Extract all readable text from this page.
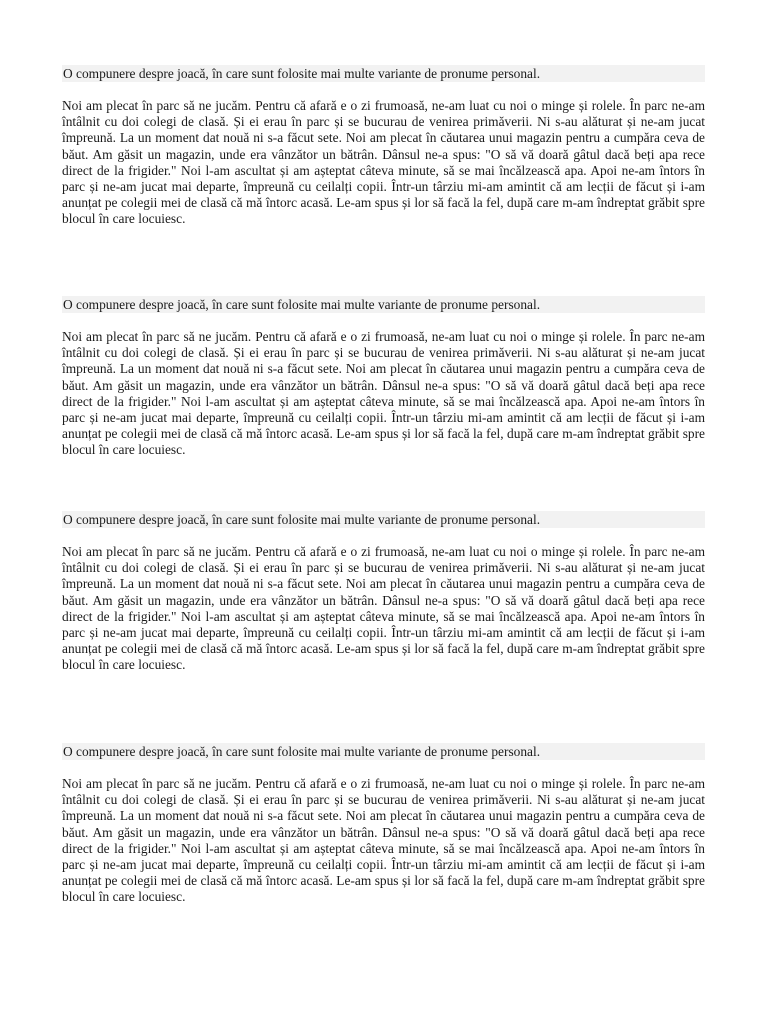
O compunere despre joacă, în care sunt folosite mai multe variante de pronume personal.

Noi am plecat în parc să ne jucăm. Pentru că afară e o zi frumoasă, ne-am luat cu noi o minge și rolele. În parc ne-am întâlnit cu doi colegi de clasă. Și ei erau în parc și se bucurau de venirea primăverii. Ni s-au alăturat și ne-am jucat împreună. La un moment dat nouă ni s-a făcut sete. Noi am plecat în căutarea unui magazin pentru a cumpăra ceva de băut. Am găsit un magazin, unde era vânzător un bătrân. Dânsul ne-a spus: "O să vă doară gâtul dacă beți apa rece direct de la frigider." Noi l-am ascultat și am așteptat câteva minute, să se mai încălzească apa. Apoi ne-am întors în parc și ne-am jucat mai departe, împreună cu ceilalți copii. Într-un târziu mi-am amintit că am lecții de făcut și i-am anunțat pe colegii mei de clasă că mă întorc acasă. Le-am spus și lor să facă la fel, după care m-am îndreptat grăbit spre blocul în care locuiesc.

O compunere despre joacă, în care sunt folosite mai multe variante de pronume personal.

Noi am plecat în parc să ne jucăm. Pentru că afară e o zi frumoasă, ne-am luat cu noi o minge și rolele. În parc ne-am întâlnit cu doi colegi de clasă. Și ei erau în parc și se bucurau de venirea primăverii. Ni s-au alăturat și ne-am jucat împreună. La un moment dat nouă ni s-a făcut sete. Noi am plecat în căutarea unui magazin pentru a cumpăra ceva de băut. Am găsit un magazin, unde era vânzător un bătrân. Dânsul ne-a spus: "O să vă doară gâtul dacă beți apa rece direct de la frigider." Noi l-am ascultat și am așteptat câteva minute, să se mai încălzească apa. Apoi ne-am întors în parc și ne-am jucat mai departe, împreună cu ceilalți copii. Într-un târziu mi-am amintit că am lecții de făcut și i-am anunțat pe colegii mei de clasă că mă întorc acasă. Le-am spus și lor să facă la fel, după care m-am îndreptat grăbit spre blocul în care locuiesc.

O compunere despre joacă, în care sunt folosite mai multe variante de pronume personal.

Noi am plecat în parc să ne jucăm. Pentru că afară e o zi frumoasă, ne-am luat cu noi o minge și rolele. În parc ne-am întâlnit cu doi colegi de clasă. Și ei erau în parc și se bucurau de venirea primăverii. Ni s-au alăturat și ne-am jucat împreună. La un moment dat nouă ni s-a făcut sete. Noi am plecat în căutarea unui magazin pentru a cumpăra ceva de băut. Am găsit un magazin, unde era vânzător un bătrân. Dânsul ne-a spus: "O să vă doară gâtul dacă beți apa rece direct de la frigider." Noi l-am ascultat și am așteptat câteva minute, să se mai încălzească apa. Apoi ne-am întors în parc și ne-am jucat mai departe, împreună cu ceilalți copii. Într-un târziu mi-am amintit că am lecții de făcut și i-am anunțat pe colegii mei de clasă că mă întorc acasă. Le-am spus și lor să facă la fel, după care m-am îndreptat grăbit spre blocul în care locuiesc.

O compunere despre joacă, în care sunt folosite mai multe variante de pronume personal.

Noi am plecat în parc să ne jucăm. Pentru că afară e o zi frumoasă, ne-am luat cu noi o minge și rolele. În parc ne-am întâlnit cu doi colegi de clasă. Și ei erau în parc și se bucurau de venirea primăverii. Ni s-au alăturat și ne-am jucat împreună. La un moment dat nouă ni s-a făcut sete. Noi am plecat în căutarea unui magazin pentru a cumpăra ceva de băut. Am găsit un magazin, unde era vânzător un bătrân. Dânsul ne-a spus: "O să vă doară gâtul dacă beți apa rece direct de la frigider." Noi l-am ascultat și am așteptat câteva minute, să se mai încălzească apa. Apoi ne-am întors în parc și ne-am jucat mai departe, împreună cu ceilalți copii. Într-un târziu mi-am amintit că am lecții de făcut și i-am anunțat pe colegii mei de clasă că mă întorc acasă. Le-am spus și lor să facă la fel, după care m-am îndreptat grăbit spre blocul în care locuiesc.
